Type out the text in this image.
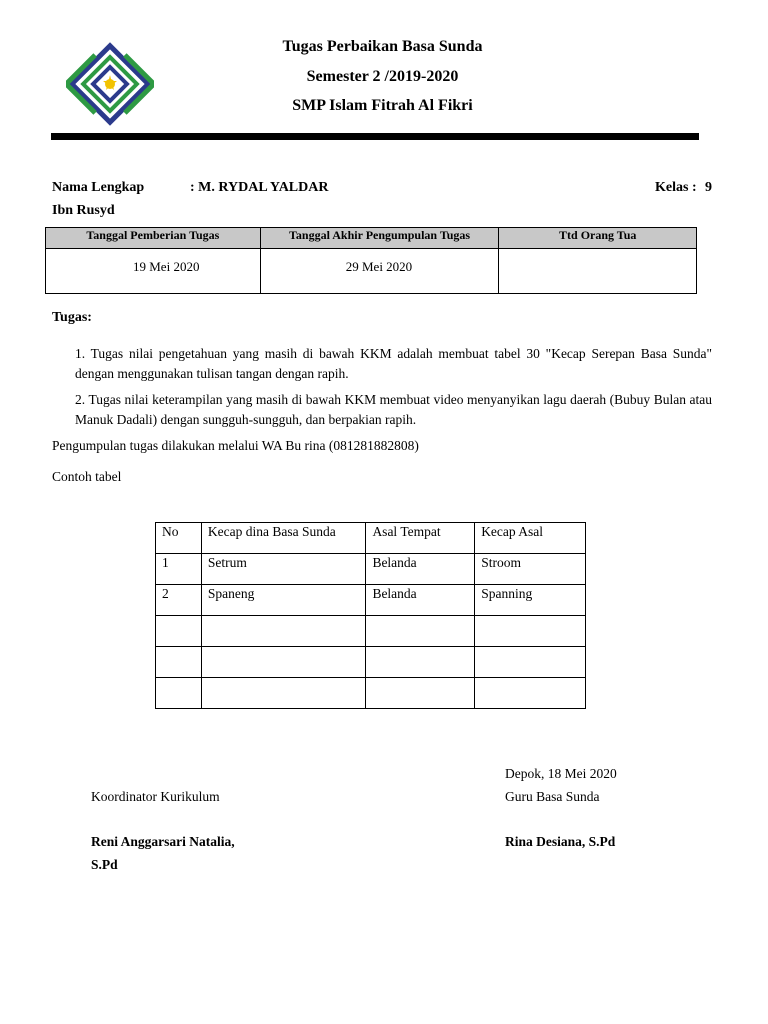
Tugas Perbaikan Basa Sunda
Semester 2 /2019-2020
SMP Islam Fitrah Al Fikri
Nama Lengkap	: M. RYDAL YALDAR	Kelas : 9
Ibn Rusyd
Tanggal Pemberian Tugas	Tanggal Akhir Pengumpulan Tugas	Ttd Orang Tua

19 Mei 2020	29 Mei 2020	

Tugas:
1. Tugas nilai pengetahuan yang masih di bawah KKM adalah membuat tabel 30 "Kecap Serepan Basa Sunda" dengan menggunakan tulisan tangan dengan rapih.
2. Tugas nilai keterampilan yang masih di bawah KKM membuat video menyanyikan lagu daerah (Bubuy Bulan atau Manuk Dadali) dengan sungguh-sungguh, dan berpakian rapih.
Pengumpulan tugas dilakukan melalui WA Bu rina (081281882808)
Contoh tabel
No	Kecap dina Basa Sunda	Asal Tempat	Kecap Asal

1	Setrum	Belanda	Stroom

2	Spaneng	Belanda	Spanning

Depok, 18 Mei 2020
Koordinator Kurikulum	Guru Basa Sunda
Reni Anggarsari Natalia,
S.Pd
Rina Desiana, S.Pd
